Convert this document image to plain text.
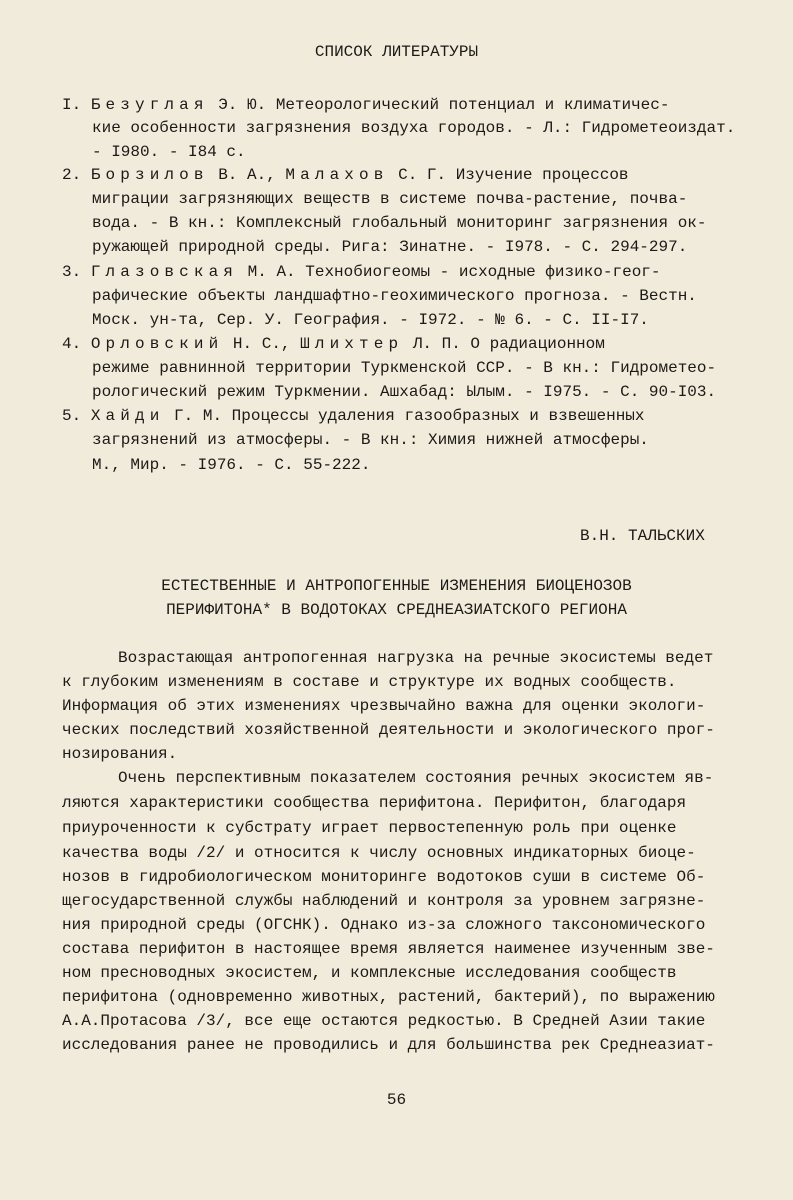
СПИСОК ЛИТЕРАТУРЫ
I. Безуглая Э. Ю. Метеорологический потенциал и климатичес-
кие особенности загрязнения воздуха городов. - Л.: Гидрометеоиздат.
- I980. - I84 с.
2. Борзилов В. А., Малахов С. Г. Изучение процессов
миграции загрязняющих веществ в системе почва-растение, почва-
вода. - В кн.: Комплексный глобальный мониторинг загрязнения ок-
ружающей природной среды. Рига: Зинатне. - I978. - С. 294-297.
3. Глазовская М. А. Технобиогеомы - исходные физико-геог-
рафические объекты ландшафтно-геохимического прогноза. - Вестн.
Моск. ун-та, Сер. У. География. - I972. - № 6. - С. II-I7.
4. Орловский Н. С., Шлихтер Л. П. О радиационном
режиме равнинной территории Туркменской ССР. - В кн.: Гидрометео-
рологический режим Туркмении. Ашхабад: Ылым. - I975. - С. 90-I03.
5. Хайди Г. М. Процессы удаления газообразных и взвешенных
загрязнений из атмосферы. - В кн.: Химия нижней атмосферы.
М., Мир. - I976. - С. 55-222.
В.Н. ТАЛЬСКИХ
ЕСТЕСТВЕННЫЕ И АНТРОПОГЕННЫЕ ИЗМЕНЕНИЯ БИОЦЕНОЗОВ
ПЕРИФИТОНА* В ВОДОТОКАХ СРЕДНЕАЗИАТСКОГО РЕГИОНА
Возрастающая антропогенная нагрузка на речные экосистемы ведет
к глубоким изменениям в составе и структуре их водных сообществ.
Информация об этих изменениях чрезвычайно важна для оценки экологи-
ческих последствий хозяйственной деятельности и экологического прог-
нозирования.
Очень перспективным показателем состояния речных экосистем яв-
ляются характеристики сообщества перифитона. Перифитон, благодаря
приуроченности к субстрату играет первостепенную роль при оценке
качества воды /2/ и относится к числу основных индикаторных биоце-
нозов в гидробиологическом мониторинге водотоков суши в системе Об-
щегосударственной службы наблюдений и контроля за уровнем загрязне-
ния природной среды (ОГСНК). Однако из-за сложного таксономического
состава перифитон в настоящее время является наименее изученным зве-
ном пресноводных экосистем, и комплексные исследования сообществ
перифитона (одновременно животных, растений, бактерий), по выражению
А.А.Протасова /3/, все еще остаются редкостью. В Средней Азии такие
исследования ранее не проводились и для большинства рек Среднеазиат-
56
